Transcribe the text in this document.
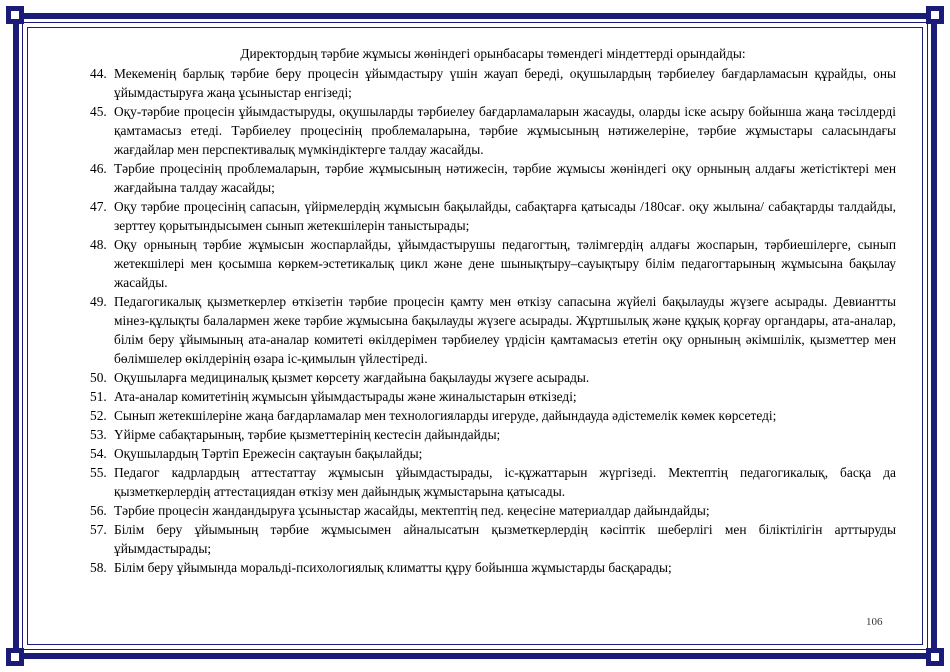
Директордың тәрбие жұмысы жөніндегі орынбасары төмендегі міндеттерді орындайды:
44. Мекеменің барлық тәрбие беру процесін ұйымдастыру үшін жауап береді, оқушылардың тәрбиелеу бағдарламасын құрайды, оны ұйымдастыруға жаңа ұсыныстар енгізеді;
45. Оқу-тәрбие процесін ұйымдастыруды, оқушыларды тәрбиелеу бағдарламаларын жасауды, оларды іске асыру бойынша жаңа тәсілдерді қамтамасыз етеді. Тәрбиелеу процесінің проблемаларына, тәрбие жұмысының нәтижелеріне, тәрбие жұмыстары саласындағы жағдайлар мен перспективалық мүмкіндіктерге талдау жасайды.
46. Тәрбие процесінің проблемаларын, тәрбие жұмысының нәтижесін, тәрбие жұмысы жөніндегі оқу орнының алдағы жетістіктері мен жағдайына талдау жасайды;
47. Оқу тәрбие процесінің сапасын, үйірмелердің жұмысын бақылайды, сабақтарға қатысады /180сағ. оқу жылына/ сабақтарды талдайды, зерттеу қорытындысымен сынып жетекшілерін таныстырады;
48. Оқу орнының тәрбие жұмысын жоспарлайды, ұйымдастырушы педагогтың, тәлімгердің алдағы жоспарын, тәрбиешілерге, сынып жетекшілері мен қосымша көркем-эстетикалық цикл және дене шынықтыру–сауықтыру білім педагогтарының жұмысына бақылау жасайды.
49. Педагогикалық қызметкерлер өткізетін тәрбие процесін қамту мен өткізу сапасына жүйелі бақылауды жүзеге асырады. Девиантты мінез-құлықты балалармен жеке тәрбие жұмысына бақылауды жүзеге асырады. Жұртшылық және құқық қорғау органдары, ата-аналар, білім беру ұйымының ата-аналар комитеті өкілдерімен тәрбиелеу үрдісін қамтамасыз ететін оқу орнының әкімшілік, қызметтер мен бөлімшелер өкілдерінің өзара іс-қимылын үйлестіреді.
50. Оқушыларға медициналық қызмет көрсету жағдайына бақылауды жүзеге асырады.
51. Ата-аналар комитетінің жұмысын ұйымдастырады және жиналыстарын өткізеді;
52. Сынып жетекшілеріне жаңа бағдарламалар мен технологияларды игеруде, дайындауда әдістемелік көмек көрсетеді;
53. Үйірме сабақтарының, тәрбие қызметтерінің кестесін дайындайды;
54. Оқушылардың Тәртіп Ережесін сақтауын бақылайды;
55. Педагог кадрлардың аттестаттау жұмысын ұйымдастырады, іс-құжаттарын жүргізеді. Мектептің педагогикалық, басқа да қызметкерлердің аттестациядан өткізу мен дайындық жұмыстарына қатысады.
56. Тәрбие процесін жандандыруға ұсыныстар жасайды, мектептің пед. кеңесіне материалдар дайындайды;
57. Білім беру ұйымының тәрбие жұмысымен айналысатын қызметкерлердің кәсіптік шеберлігі мен біліктілігін арттыруды ұйымдастырады;
58. Білім беру ұйымында моральді-психологиялық климатты құру бойынша жұмыстарды басқарады;
106
